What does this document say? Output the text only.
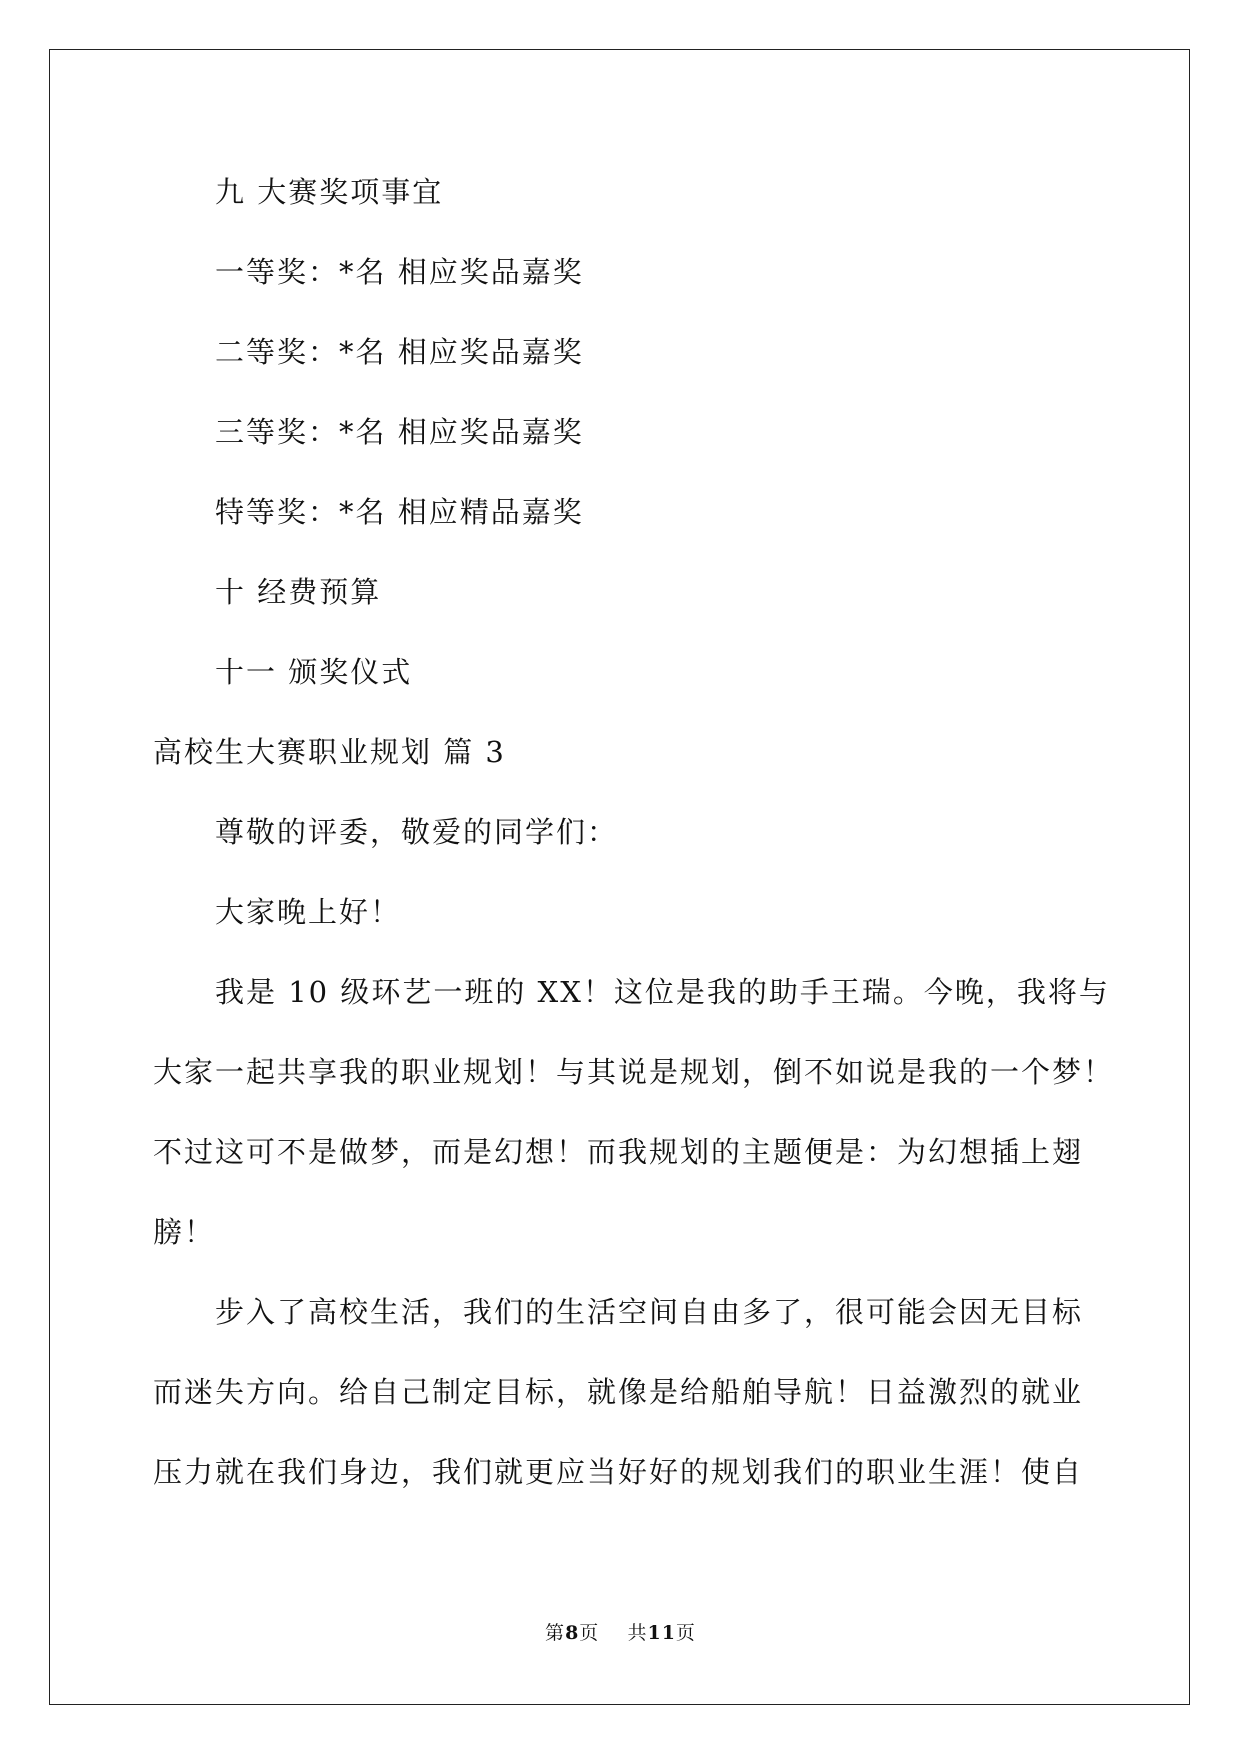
九 大赛奖项事宜
一等奖：*名 相应奖品嘉奖
二等奖：*名 相应奖品嘉奖
三等奖：*名 相应奖品嘉奖
特等奖：*名 相应精品嘉奖
十 经费预算
十一 颁奖仪式
高校生大赛职业规划 篇 3
尊敬的评委，敬爱的同学们：
大家晚上好！
我是 10 级环艺一班的 XX！这位是我的助手王瑞。今晚，我将与
大家一起共享我的职业规划！与其说是规划，倒不如说是我的一个梦！
不过这可不是做梦，而是幻想！而我规划的主题便是：为幻想插上翅
膀！
步入了高校生活，我们的生活空间自由多了，很可能会因无目标
而迷失方向。给自己制定目标，就像是给船舶导航！日益激烈的就业
压力就在我们身边，我们就更应当好好的规划我们的职业生涯！使自
第8页    共11页
